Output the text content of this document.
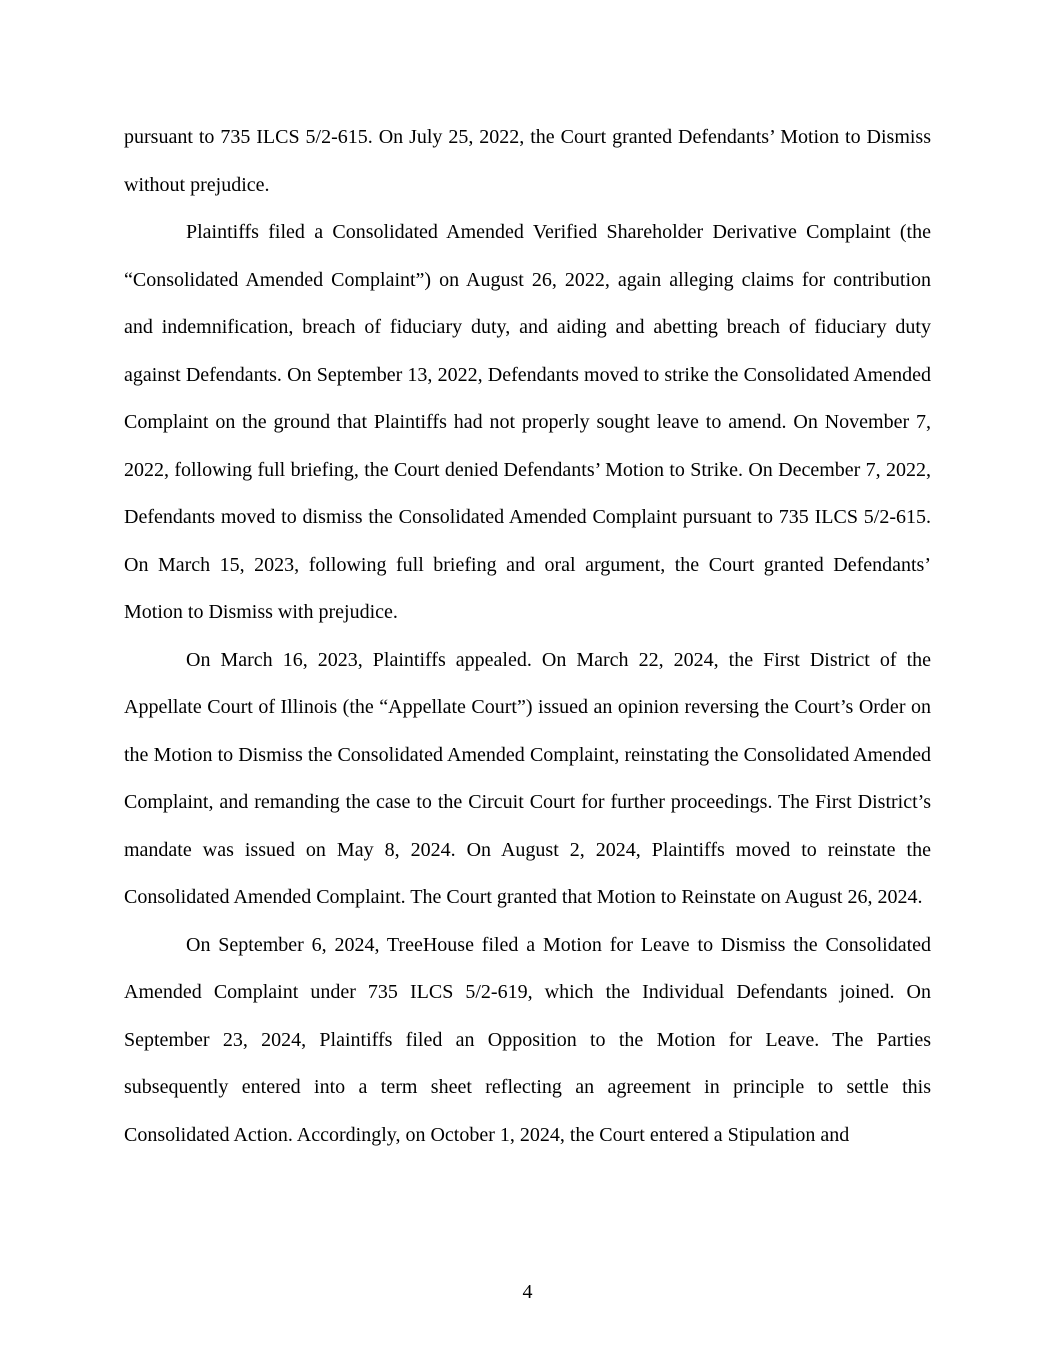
pursuant to 735 ILCS 5/2-615. On July 25, 2022, the Court granted Defendants’ Motion to Dismiss without prejudice.

Plaintiffs filed a Consolidated Amended Verified Shareholder Derivative Complaint (the “Consolidated Amended Complaint”) on August 26, 2022, again alleging claims for contribution and indemnification, breach of fiduciary duty, and aiding and abetting breach of fiduciary duty against Defendants. On September 13, 2022, Defendants moved to strike the Consolidated Amended Complaint on the ground that Plaintiffs had not properly sought leave to amend. On November 7, 2022, following full briefing, the Court denied Defendants’ Motion to Strike. On December 7, 2022, Defendants moved to dismiss the Consolidated Amended Complaint pursuant to 735 ILCS 5/2-615. On March 15, 2023, following full briefing and oral argument, the Court granted Defendants’ Motion to Dismiss with prejudice.

On March 16, 2023, Plaintiffs appealed. On March 22, 2024, the First District of the Appellate Court of Illinois (the “Appellate Court”) issued an opinion reversing the Court’s Order on the Motion to Dismiss the Consolidated Amended Complaint, reinstating the Consolidated Amended Complaint, and remanding the case to the Circuit Court for further proceedings. The First District’s mandate was issued on May 8, 2024. On August 2, 2024, Plaintiffs moved to reinstate the Consolidated Amended Complaint. The Court granted that Motion to Reinstate on August 26, 2024.

On September 6, 2024, TreeHouse filed a Motion for Leave to Dismiss the Consolidated Amended Complaint under 735 ILCS 5/2-619, which the Individual Defendants joined. On September 23, 2024, Plaintiffs filed an Opposition to the Motion for Leave. The Parties subsequently entered into a term sheet reflecting an agreement in principle to settle this Consolidated Action. Accordingly, on October 1, 2024, the Court entered a Stipulation and

4
